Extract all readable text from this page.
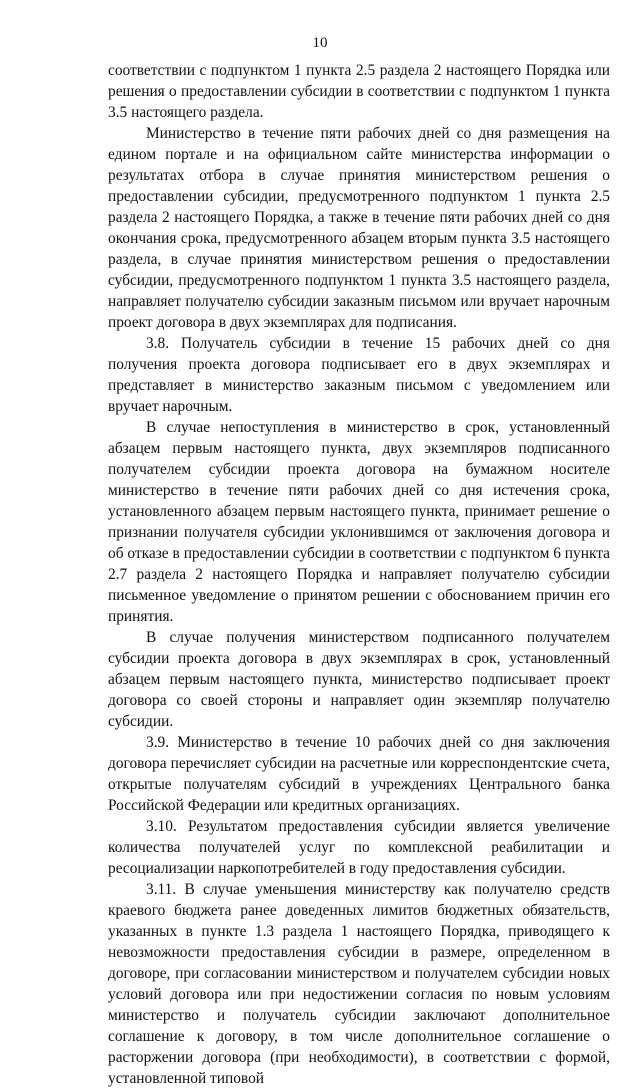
10

соответствии с подпунктом 1 пункта 2.5 раздела 2 настоящего Порядка или решения о предоставлении субсидии в соответствии с подпунктом 1 пункта 3.5 настоящего раздела.

Министерство в течение пяти рабочих дней со дня размещения на едином портале и на официальном сайте министерства информации о результатах отбора в случае принятия министерством решения о предоставлении субсидии, предусмотренного подпунктом 1 пункта 2.5 раздела 2 настоящего Порядка, а также в течение пяти рабочих дней со дня окончания срока, предусмотренного абзацем вторым пункта 3.5 настоящего раздела, в случае принятия министерством решения о предоставлении субсидии, предусмотренного подпунктом 1 пункта 3.5 настоящего раздела, направляет получателю субсидии заказным письмом или вручает нарочным проект договора в двух экземплярах для подписания.

3.8. Получатель субсидии в течение 15 рабочих дней со дня получения проекта договора подписывает его в двух экземплярах и представляет в министерство заказным письмом с уведомлением или вручает нарочным.

В случае непоступления в министерство в срок, установленный абзацем первым настоящего пункта, двух экземпляров подписанного получателем субсидии проекта договора на бумажном носителе министерство в течение пяти рабочих дней со дня истечения срока, установленного абзацем первым настоящего пункта, принимает решение о признании получателя субсидии уклонившимся от заключения договора и об отказе в предоставлении субсидии в соответствии с подпунктом 6 пункта 2.7 раздела 2 настоящего Порядка и направляет получателю субсидии письменное уведомление о принятом решении с обоснованием причин его принятия.

В случае получения министерством подписанного получателем субсидии проекта договора в двух экземплярах в срок, установленный абзацем первым настоящего пункта, министерство подписывает проект договора со своей стороны и направляет один экземпляр получателю субсидии.

3.9. Министерство в течение 10 рабочих дней со дня заключения договора перечисляет субсидии на расчетные или корреспондентские счета, открытые получателям субсидий в учреждениях Центрального банка Российской Федерации или кредитных организациях.

3.10. Результатом предоставления субсидии является увеличение количества получателей услуг по комплексной реабилитации и ресоциализации наркопотребителей в году предоставления субсидии.

3.11. В случае уменьшения министерству как получателю средств краевого бюджета ранее доведенных лимитов бюджетных обязательств, указанных в пункте 1.3 раздела 1 настоящего Порядка, приводящего к невозможности предоставления субсидии в размере, определенном в договоре, при согласовании министерством и получателем субсидии новых условий договора или при недостижении согласия по новым условиям министерство и получатель субсидии заключают дополнительное соглашение к договору, в том числе дополнительное соглашение о расторжении договора (при необходимости), в соответствии с формой, установленной типовой
